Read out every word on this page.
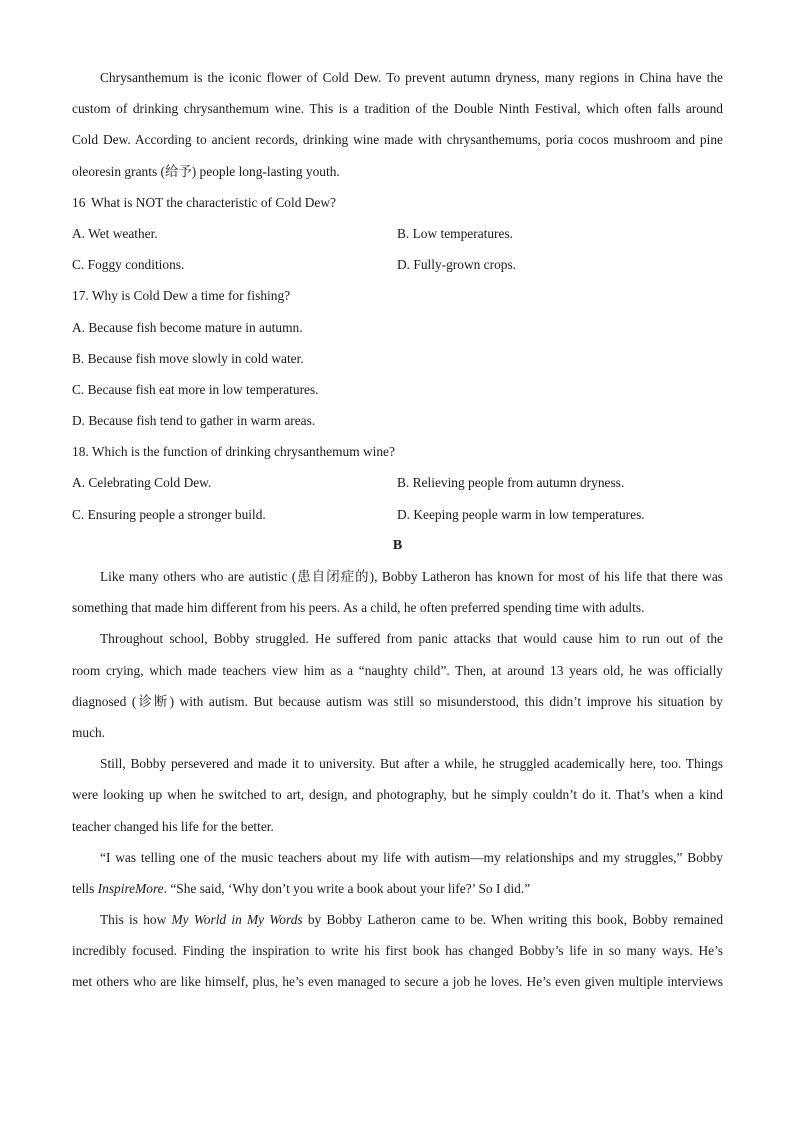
Chrysanthemum is the iconic flower of Cold Dew. To prevent autumn dryness, many regions in China have the
custom of drinking chrysanthemum wine. This is a tradition of the Double Ninth Festival, which often falls around
Cold Dew. According to ancient records, drinking wine made with chrysanthemums, poria cocos mushroom and pine
oleoresin grants (给予) people long-lasting youth.
16˙ What is NOT the characteristic of Cold Dew?
A. Wet weather.	B. Low temperatures.
C. Foggy conditions.	D. Fully-grown crops.
17. Why is Cold Dew a time for fishing?
A. Because fish become mature in autumn.
B. Because fish move slowly in cold water.
C. Because fish eat more in low temperatures.
D. Because fish tend to gather in warm areas.
18. Which is the function of drinking chrysanthemum wine?
A. Celebrating Cold Dew.	B. Relieving people from autumn dryness.
C. Ensuring people a stronger build.	D. Keeping people warm in low temperatures.
B
Like many others who are autistic (患自闭症的), Bobby Latheron has known for most of his life that there was
something that made him different from his peers. As a child, he often preferred spending time with adults.
Throughout school, Bobby struggled. He suffered from panic attacks that would cause him to run out of the
room crying, which made teachers view him as a “naughty child”. Then, at around 13 years old, he was officially
diagnosed (诊断) with autism. But because autism was still so misunderstood, this didn’t improve his situation by
much.
Still, Bobby persevered and made it to university. But after a while, he struggled academically here, too. Things
were looking up when he switched to art, design, and photography, but he simply couldn’t do it. That’s when a kind
teacher changed his life for the better.
“I was telling one of the music teachers about my life with autism—my relationships and my struggles,” Bobby
tells InspireMore. “She said, ‘Why don’t you write a book about your life?’ So I did.”
This is how My World in My Words by Bobby Latheron came to be. When writing this book, Bobby remained
incredibly focused. Finding the inspiration to write his first book has changed Bobby’s life in so many ways. He’s
met others who are like himself, plus, he’s even managed to secure a job he loves. He’s even given multiple interviews
